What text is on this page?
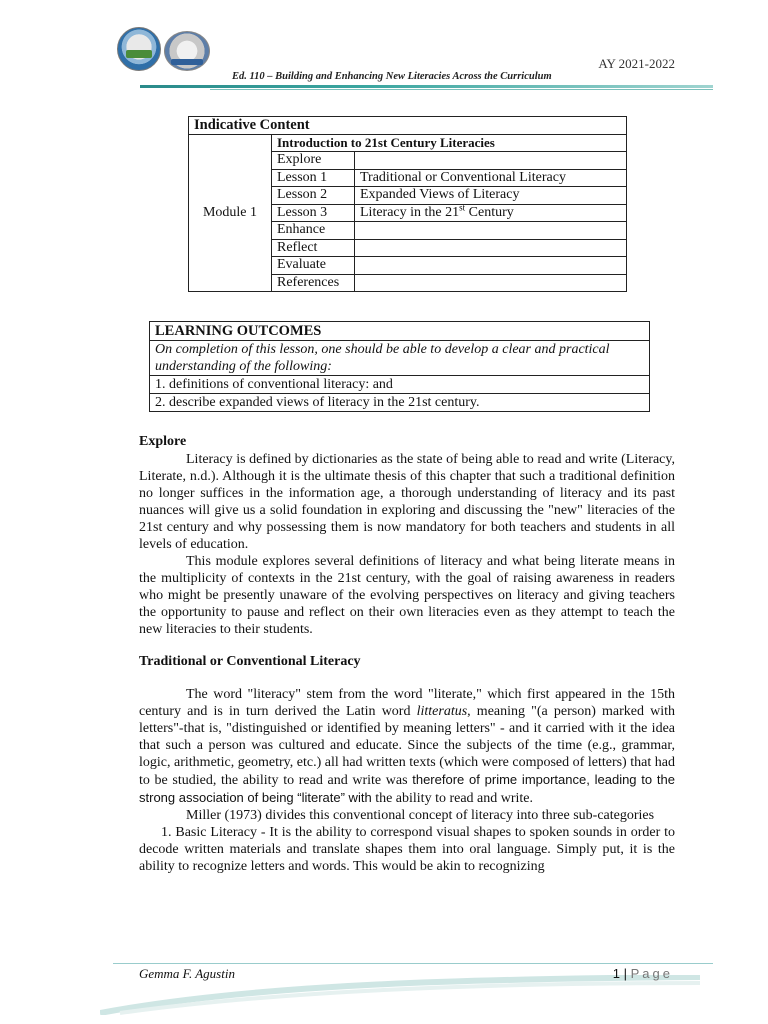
AY 2021-2022
Ed. 110 – Building and Enhancing New Literacies Across the Curriculum
Indicative Content		
Module 1	Introduction to 21st Century Literacies	
	Explore	
	Lesson 1	Traditional or Conventional Literacy
	Lesson 2	Expanded Views of Literacy
	Lesson 3	Literacy in the 21st Century
	Enhance	
	Reflect	
	Evaluate	
	References	
LEARNING OUTCOMES
On completion of this lesson, one should be able to develop a clear and practical understanding of the following:
1. definitions of conventional literacy: and
2. describe expanded views of literacy in the 21st century.
Explore

Literacy is defined by dictionaries as the state of being able to read and write (Literacy, Literate, n.d.). Although it is the ultimate thesis of this chapter that such a traditional definition no longer suffices in the information age, a thorough understanding of literacy and its past nuances will give us a solid foundation in exploring and discussing the "new" literacies of the 21st century and why possessing them is now mandatory for both teachers and students in all levels of education.

This module explores several definitions of literacy and what being literate means in the multiplicity of contexts in the 21st century, with the goal of raising awareness in readers who might be presently unaware of the evolving perspectives on literacy and giving teachers the opportunity to pause and reflect on their own literacies even as they attempt to teach the new literacies to their students.

Traditional or Conventional Literacy

The word "literacy" stem from the word "literate," which first appeared in the 15th century and is in turn derived the Latin word litteratus, meaning "(a person) marked with letters"-that is, "distinguished or identified by meaning letters" - and it carried with it the idea that such a person was cultured and educate. Since the subjects of the time (e.g., grammar, logic, arithmetic, geometry, etc.) all had written texts (which were composed of letters) that had to be studied, the ability to read and write was therefore of prime importance, leading to the strong association of being “literate” with the ability to read and write.

Miller (1973) divides this conventional concept of literacy into three sub-categories

1. Basic Literacy - It is the ability to correspond visual shapes to spoken sounds in order to decode written materials and translate shapes them into oral language. Simply put, it is the ability to recognize letters and words. This would be akin to recognizing

Gemma F. Agustin	1 | Page
